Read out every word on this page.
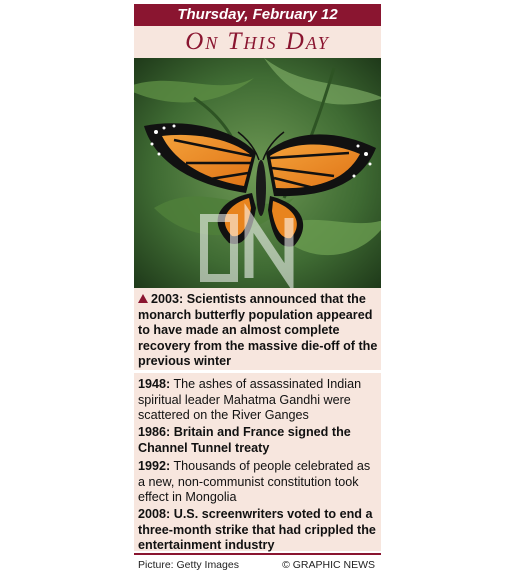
Thursday, February 12
On This Day
2003: Scientists announced that the monarch butterfly population appeared to have made an almost complete recovery from the massive die-off of the previous winter
1948: The ashes of assassinated Indian spiritual leader Mahatma Gandhi were scattered on the River Ganges
1986: Britain and France signed the Channel Tunnel treaty
1992: Thousands of people celebrated as a new, non-communist constitution took effect in Mongolia
2008: U.S. screenwriters voted to end a three-month strike that had crippled the entertainment industry
Picture: Getty Images	© GRAPHIC NEWS
